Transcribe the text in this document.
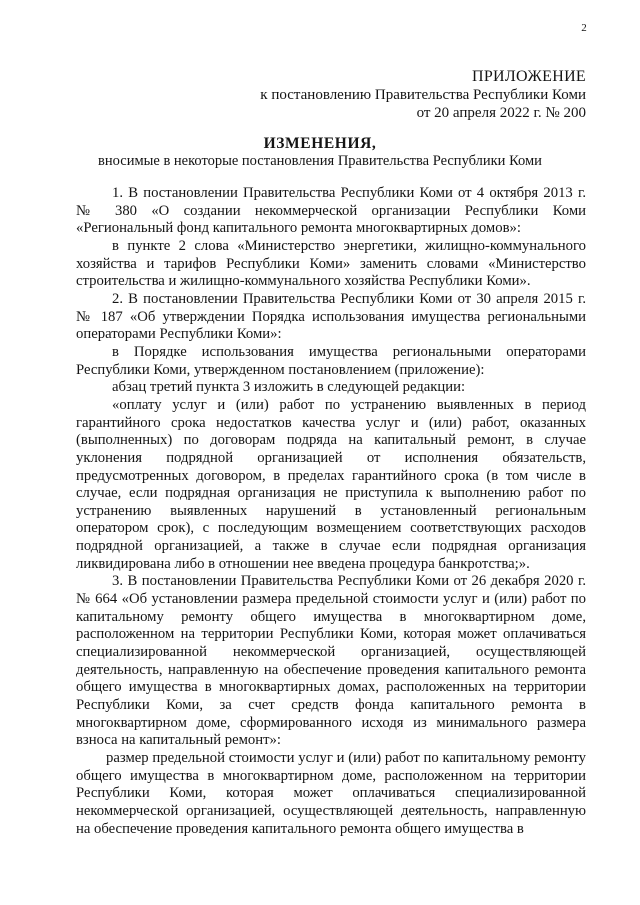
2
ПРИЛОЖЕНИЕ
к постановлению Правительства Республики Коми
от 20 апреля 2022 г. № 200
ИЗМЕНЕНИЯ,
вносимые в некоторые постановления Правительства Республики Коми

1. В постановлении Правительства Республики Коми от 4 октября 2013 г. № 380 «О создании некоммерческой организации Республики Коми «Региональный фонд капитального ремонта многоквартирных домов»:

в пункте 2 слова «Министерство энергетики, жилищно-коммунального хозяйства и тарифов Республики Коми» заменить словами «Министерство строительства и жилищно-коммунального хозяйства Республики Коми».

2. В постановлении Правительства Республики Коми от 30 апреля 2015 г. № 187 «Об утверждении Порядка использования имущества региональными операторами Республики Коми»:

в Порядке использования имущества региональными операторами Республики Коми, утвержденном постановлением (приложение):

абзац третий пункта 3 изложить в следующей редакции:

«оплату услуг и (или) работ по устранению выявленных в период гарантийного срока недостатков качества услуг и (или) работ, оказанных (выполненных) по договорам подряда на капитальный ремонт, в случае уклонения подрядной организацией от исполнения обязательств, предусмотренных договором, в пределах гарантийного срока (в том числе в случае, если подрядная организация не приступила к выполнению работ по устранению выявленных нарушений в установленный региональным оператором срок), с последующим возмещением соответствующих расходов подрядной организацией, а также в случае если подрядная организация ликвидирована либо в отношении нее введена процедура банкротства;».

3. В постановлении Правительства Республики Коми от 26 декабря 2020 г. № 664 «Об установлении размера предельной стоимости услуг и (или) работ по капитальному ремонту общего имущества в многоквартирном доме, расположенном на территории Республики Коми, которая может оплачиваться специализированной некоммерческой организацией, осуществляющей деятельность, направленную на обеспечение проведения капитального ремонта общего имущества в многоквартирных домах, расположенных на территории Республики Коми, за счет средств фонда капитального ремонта в многоквартирном доме, сформированного исходя из минимального размера взноса на капитальный ремонт»:

размер предельной стоимости услуг и (или) работ по капитальному ремонту общего имущества в многоквартирном доме, расположенном на территории Республики Коми, которая может оплачиваться специализированной некоммерческой организацией, осуществляющей деятельность, направленную на обеспечение проведения капитального ремонта общего имущества в
